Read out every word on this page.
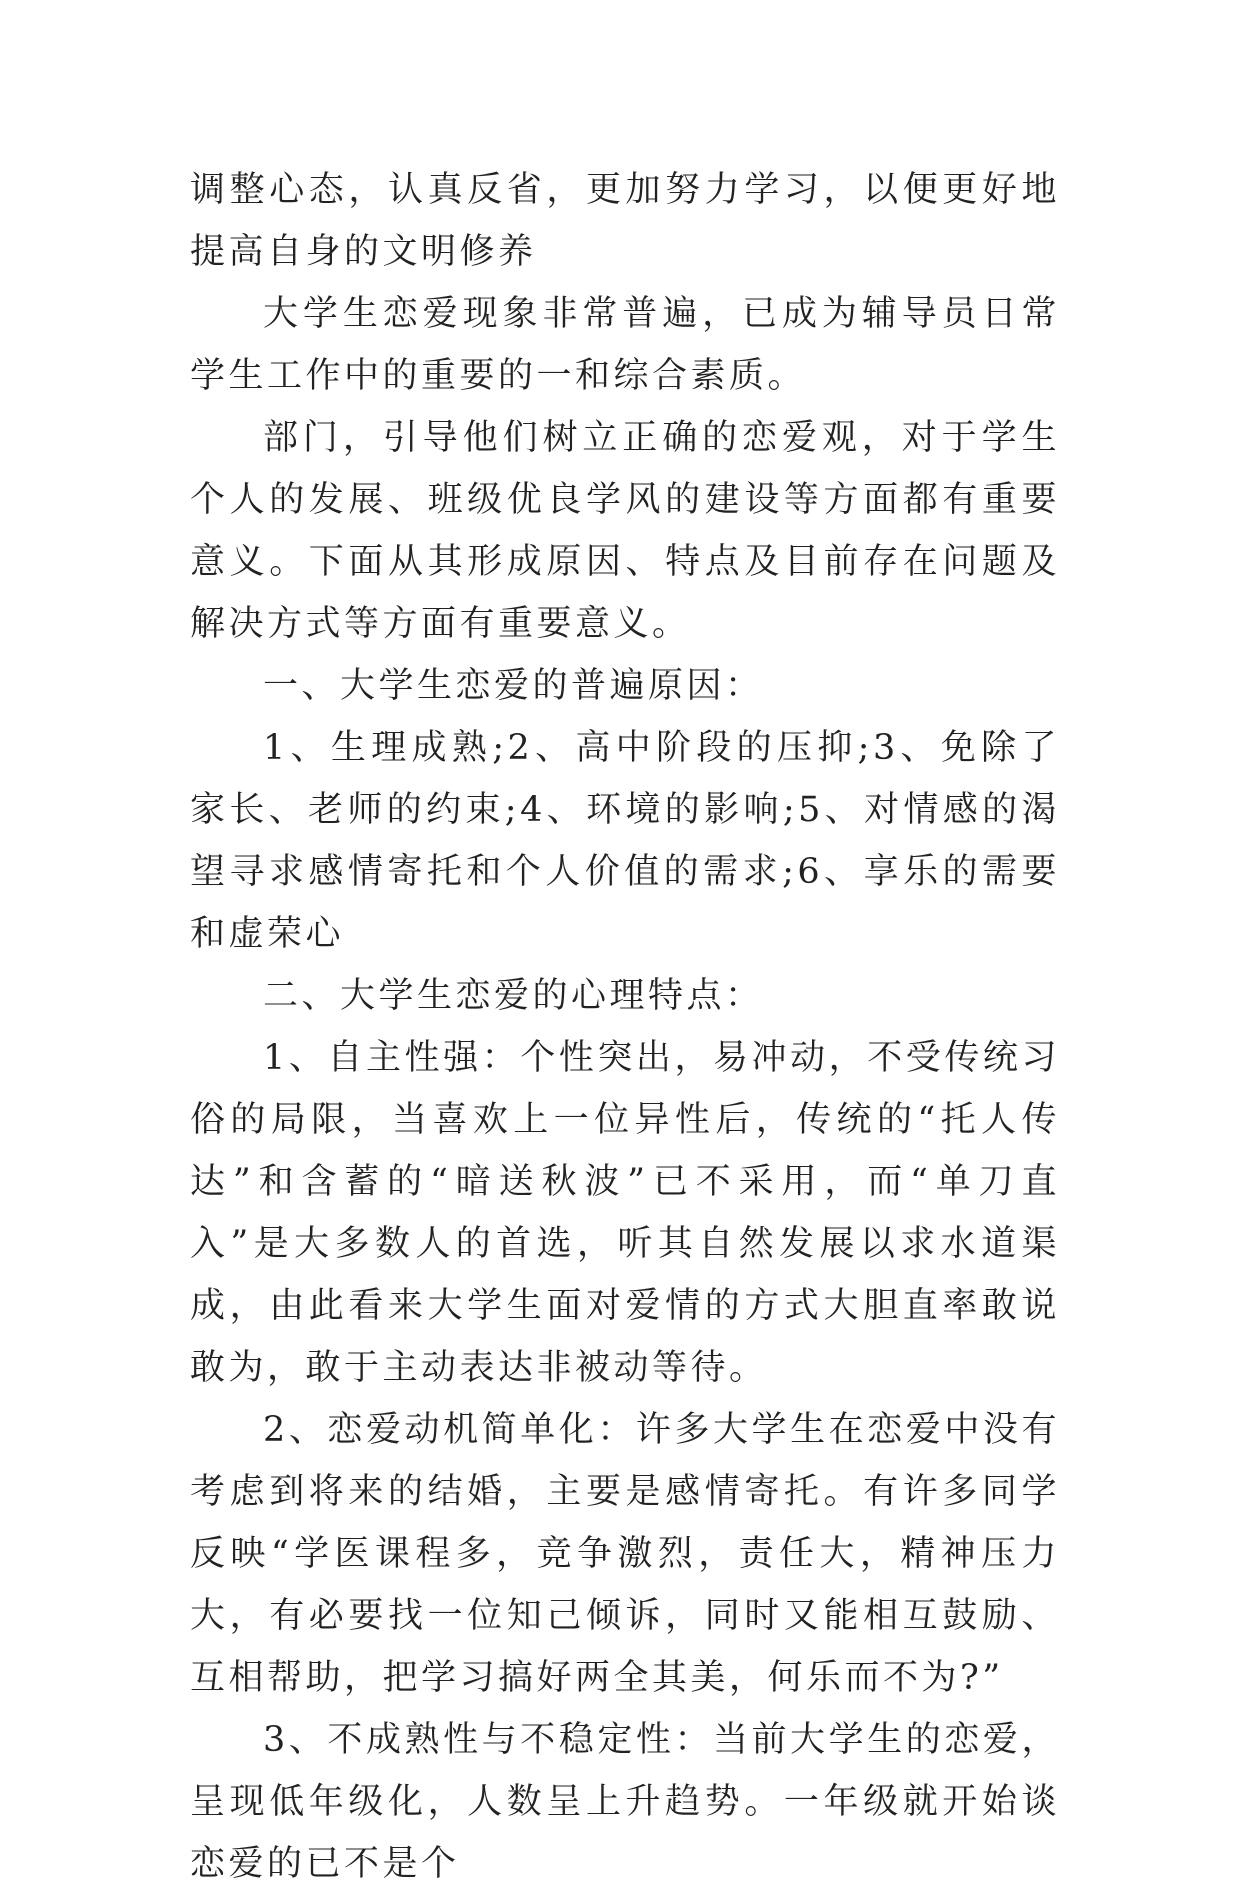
调整心态，认真反省，更加努力学习，以便更好地提高自身的文明修养

大学生恋爱现象非常普遍，已成为辅导员日常学生工作中的重要的一和综合素质。

部门，引导他们树立正确的恋爱观，对于学生个人的发展、班级优良学风的建设等方面都有重要意义。下面从其形成原因、特点及目前存在问题及解决方式等方面有重要意义。

一、大学生恋爱的普遍原因：

1、生理成熟;2、高中阶段的压抑;3、免除了家长、老师的约束;4、环境的影响;5、对情感的渴望寻求感情寄托和个人价值的需求;6、享乐的需要和虚荣心

二、大学生恋爱的心理特点：

1、自主性强：个性突出，易冲动，不受传统习俗的局限，当喜欢上一位异性后，传统的“托人传达”和含蓄的“暗送秋波”已不采用，而“单刀直入”是大多数人的首选，听其自然发展以求水道渠成，由此看来大学生面对爱情的方式大胆直率敢说敢为，敢于主动表达非被动等待。

2、恋爱动机简单化：许多大学生在恋爱中没有考虑到将来的结婚，主要是感情寄托。有许多同学反映“学医课程多，竞争激烈，责任大，精神压力大，有必要找一位知己倾诉，同时又能相互鼓励、互相帮助，把学习搞好两全其美，何乐而不为?”

3、不成熟性与不稳定性：当前大学生的恋爱，呈现低年级化，人数呈上升趋势。一年级就开始谈恋爱的已不是个
